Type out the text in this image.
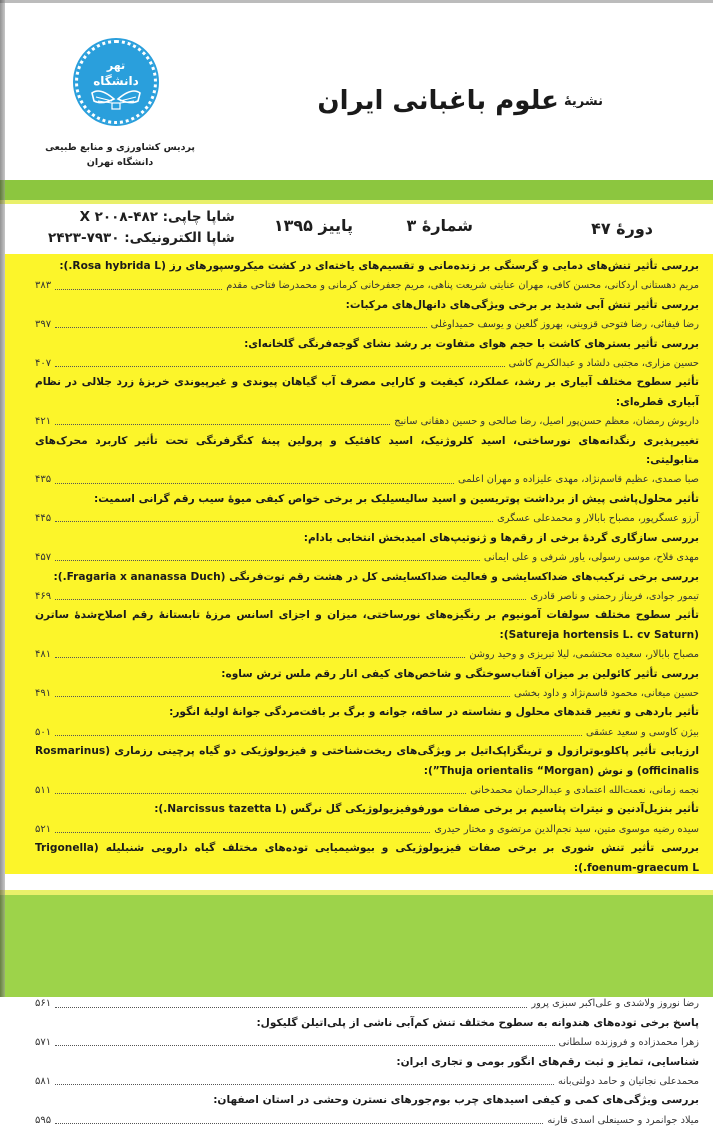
تهر
دانشگاه
پردیس کشاورزی و منابع طبیعی
دانشگاه تهران
$^{نشریهٔ}$ علوم باغبانی ایران
دورهٔ ۴۷
شمارهٔ ۳
پاییز ۱۳۹۵
شاپا چاپی: X ۲۰۰۸-۴۸۲
شاپا الکترونیکی: ۷۹۳۰-۲۴۲۳
بررسی تأثیر تنش‌های دمایی و گرسنگی بر زنده‌مانی و تقسیم‌های یاخته‌ای در کشت میکروسپورهای رز (Rosa hybrida L.):
مریم دهستانی اردکانی، محسن کافی، مهران عنایتی شریعت پناهی، مریم جعفرخانی کرمانی و محمدرضا فتاحی مقدم
۳۸۳
بررسی تأثیر تنش آبی شدید بر برخی ویژگی‌های دانهال‌های مرکبات:
رضا فیفائی، رضا فتوحی قزوینی، بهروز گلعین و یوسف حمیداوغلی
۳۹۷
بررسی تأثیر بسترهای کاشت با حجم هوای متفاوت بر رشد نشای گوجه‌فرنگی گلخانه‌ای:
حسین مزاری، مجتبی دلشاد و عبدالکریم کاشی
۴۰۷
تأثیر سطوح مختلف آبیاری بر رشد، عملکرد، کیفیت و کارایی مصرف آب گیاهان پیوندی و غیرپیوندی خربزهٔ زرد جلالی در نظام آبیاری قطره‌ای:
داریوش رمضان، معظم حسن‌پور اصیل، رضا صالحی و حسین دهقانی سانیج
۴۲۱
تغییرپذیری رنگدانه‌های نورساختی، اسید کلروژنیک، اسید کافئیک و پرولین پینهٔ کنگرفرنگی تحت تأثیر کاربرد محرک‌های متابولیتی:
صبا صمدی، عظیم قاسم‌نژاد، مهدی علیزاده و مهران اعلمی
۴۳۵
تأثیر محلول‌پاشی پیش از برداشت پوتریسین و اسید سالیسیلیک بر برخی خواص کیفی میوهٔ سیب رقم گرانی اسمیت:
آرزو عسگرپور، مصباح بابالار و محمدعلی عسگری
۴۴۵
بررسی سازگاری گردهٔ برخی از رقم‌ها و ژنوتیپ‌های امیدبخش انتخابی بادام:
مهدی فلاح، موسی رسولی، یاور شرفی و علی ایمانی
۴۵۷
بررسی برخی ترکیب‌های ضداکسایشی و فعالیت ضداکسایشی کل در هشت رقم توت‌فرنگی (Fragaria x ananassa Duch.):
تیمور جوادی، فریناز رحمتی و ناصر قادری
۴۶۹
تأثیر سطوح مختلف سولفات آمونیوم بر رنگیزه‌های نورساختی، میزان و اجزای اسانس مرزهٔ تابستانهٔ رقم اصلاح‌شدهٔ ساترن (Satureja hortensis L. cv Saturn):
مصباح بابالار، سعیده محتشمی، لیلا تبریزی و وحید روشن
۴۸۱
بررسی تأثیر کائولین بر میزان آفتاب‌سوختگی و شاخص‌های کیفی انار رقم ملس ترش ساوه:
حسین میغانی، محمود قاسم‌نژاد و داود بخشی
۴۹۱
تأثیر باردهی و تغییر قندهای محلول و نشاسته در ساقه، جوانه و برگ بر بافت‌مردگی جوانهٔ اولیهٔ انگور:
بیژن کاوسی و سعید عشقی
۵۰۱
ارزیابی تأثیر پاکلوبوترازول و ترینگزاپک‌اتیل بر ویژگی‌های ریخت‌شناختی و فیزیولوژیکی دو گیاه پرچینی رزماری (Rosmarinus officinalis) و نوش (Thuja orientalis “Morgan”):
نجمه زمانی، نعمت‌الله اعتمادی و عبدالرحمان محمدخانی
۵۱۱
تأثیر بنزیل‌آدنین و نیترات پتاسیم بر برخی صفات مورفوفیزیولوژیکی گل نرگس (Narcissus tazetta L.):
سیده رضیه موسوی متین، سید نجم‌الدین مرتضوی و مختار حیدری
۵۲۱
بررسی تأثیر تنش شوری بر برخی صفات فیزیولوژیکی و بیوشیمیایی توده‌های مختلف گیاه دارویی شنبلیله (Trigonella foenum-graecum L.):
رضا نوروز ولاشدی و علی‌اکبر سبزی پرور
۵۶۱
پاسخ برخی توده‌های هندوانه به سطوح مختلف تنش کم‌آبی ناشی از پلی‌اتیلن گلیکول:
زهرا محمدزاده و فروزنده سلطانی
۵۷۱
شناسایی، تمایز و ثبت رقم‌های انگور بومی و تجاری ایران:
محمدعلی نجاتیان و حامد دولتی‌بانه
۵۸۱
بررسی ویژگی‌های کمی و کیفی اسیدهای چرب بوم‌جورهای نسترن وحشی در استان اصفهان:
میلاد جوانمرد و حسینعلی اسدی قارنه
۵۹۵
